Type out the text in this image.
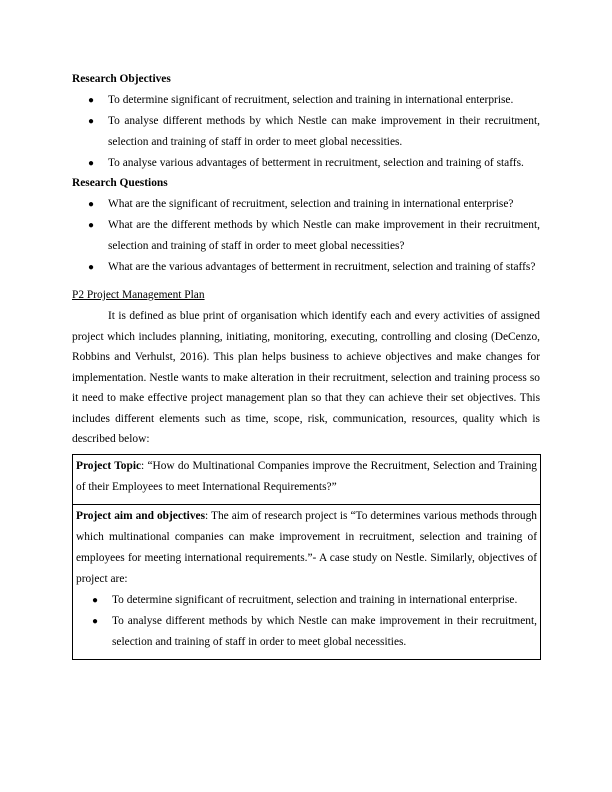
Research Objectives

● To determine significant of recruitment, selection and training in international enterprise.
● To analyse different methods by which Nestle can make improvement in their recruitment, selection and training of staff in order to meet global necessities.
● To analyse various advantages of betterment in recruitment, selection and training of staffs.

Research Questions

● What are the significant of recruitment, selection and training in international enterprise?
● What are the different methods by which Nestle can make improvement in their recruitment, selection and training of staff in order to meet global necessities?
● What are the various advantages of betterment in recruitment, selection and training of staffs?

P2 Project Management Plan

It is defined as blue print of organisation which identify each and every activities of assigned project which includes planning, initiating, monitoring, executing, controlling and closing (DeCenzo, Robbins and Verhulst, 2016). This plan helps business to achieve objectives and make changes for implementation. Nestle wants to make alteration in their recruitment, selection and training process so it need to make effective project management plan so that they can achieve their set objectives. This includes different elements such as time, scope, risk, communication, resources, quality which is described below:

Project Topic: “How do Multinational Companies improve the Recruitment, Selection and Training of their Employees to meet International Requirements?”
Project aim and objectives: The aim of research project is “To determines various methods through which multinational companies can make improvement in recruitment, selection and training of employees for meeting international requirements.”- A case study on Nestle. Similarly, objectives of project are:
● To determine significant of recruitment, selection and training in international enterprise.
● To analyse different methods by which Nestle can make improvement in their recruitment, selection and training of staff in order to meet global necessities.
